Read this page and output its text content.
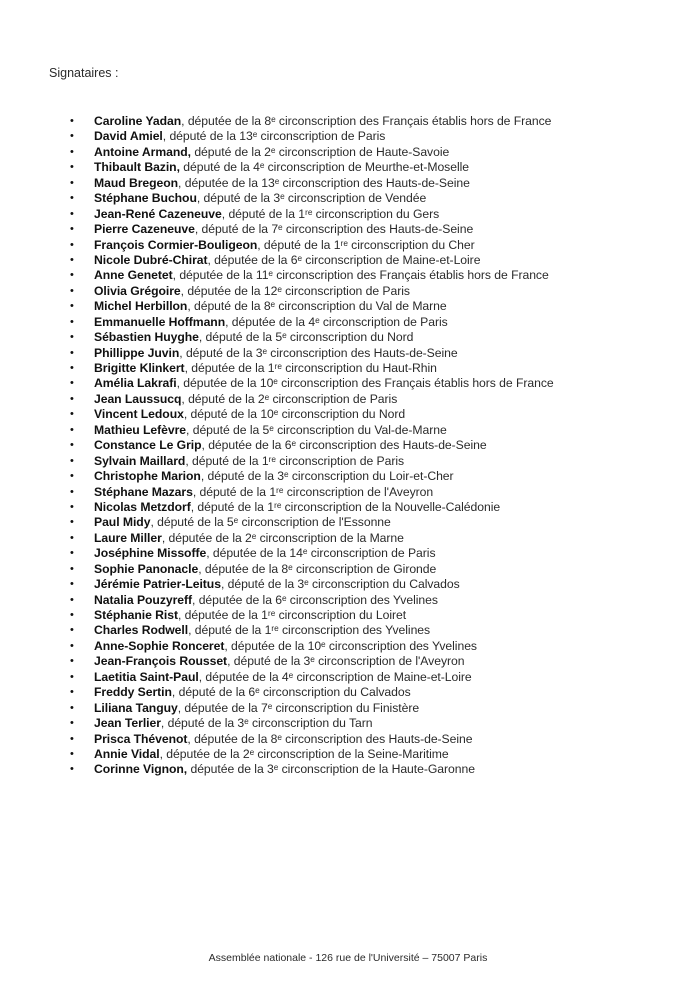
Signataires :
• Caroline Yadan, députée de la 8ᵉ circonscription des Français établis hors de France
• David Amiel, député de la 13ᵉ circonscription de Paris
• Antoine Armand, député de la 2ᵉ circonscription de Haute-Savoie
• Thibault Bazin, député de la 4ᵉ circonscription de Meurthe-et-Moselle
• Maud Bregeon, députée de la 13ᵉ circonscription des Hauts-de-Seine
• Stéphane Buchou, député de la 3ᵉ circonscription de Vendée
• Jean-René Cazeneuve, député de la 1ʳᵉ circonscription du Gers
• Pierre Cazeneuve, député de la 7ᵉ circonscription des Hauts-de-Seine
• François Cormier-Bouligeon, député de la 1ʳᵉ circonscription du Cher
• Nicole Dubré-Chirat, députée de la 6ᵉ circonscription de Maine-et-Loire
• Anne Genetet, députée de la 11ᵉ circonscription des Français établis hors de France
• Olivia Grégoire, députée de la 12ᵉ circonscription de Paris
• Michel Herbillon, député de la 8ᵉ circonscription du Val de Marne
• Emmanuelle Hoffmann, députée de la 4ᵉ circonscription de Paris
• Sébastien Huyghe, député de la 5ᵉ circonscription du Nord
• Phillippe Juvin, député de la 3ᵉ circonscription des Hauts-de-Seine
• Brigitte Klinkert, députée de la 1ʳᵉ circonscription du Haut-Rhin
• Amélia Lakrafi, députée de la 10ᵉ circonscription des Français établis hors de France
• Jean Laussucq, député de la 2ᵉ circonscription de Paris
• Vincent Ledoux, député de la 10ᵉ circonscription du Nord
• Mathieu Lefèvre, député de la 5ᵉ circonscription du Val-de-Marne
• Constance Le Grip, députée de la 6ᵉ circonscription des Hauts-de-Seine
• Sylvain Maillard, député de la 1ʳᵉ circonscription de Paris
• Christophe Marion, député de la 3ᵉ circonscription du Loir-et-Cher
• Stéphane Mazars, député de la 1ʳᵉ circonscription de l'Aveyron
• Nicolas Metzdorf, député de la 1ʳᵉ circonscription de la Nouvelle-Calédonie
• Paul Midy, député de la 5ᵉ circonscription de l'Essonne
• Laure Miller, députée de la 2ᵉ circonscription de la Marne
• Joséphine Missoffe, députée de la 14ᵉ circonscription de Paris
• Sophie Panonacle, députée de la 8ᵉ circonscription de Gironde
• Jérémie Patrier-Leitus, député de la 3ᵉ circonscription du Calvados
• Natalia Pouzyreff, députée de la 6ᵉ circonscription des Yvelines
• Stéphanie Rist, députée de la 1ʳᵉ circonscription du Loiret
• Charles Rodwell, député de la 1ʳᵉ circonscription des Yvelines
• Anne-Sophie Ronceret, députée de la 10ᵉ circonscription des Yvelines
• Jean-François Rousset, député de la 3ᵉ circonscription de l'Aveyron
• Laetitia Saint-Paul, députée de la 4ᵉ circonscription de Maine-et-Loire
• Freddy Sertin, député de la 6ᵉ circonscription du Calvados
• Liliana Tanguy, députée de la 7ᵉ circonscription du Finistère
• Jean Terlier, député de la 3ᵉ circonscription du Tarn
• Prisca Thévenot, députée de la 8ᵉ circonscription des Hauts-de-Seine
• Annie Vidal, députée de la 2ᵉ circonscription de la Seine-Maritime
• Corinne Vignon, députée de la 3ᵉ circonscription de la Haute-Garonne
Assemblée nationale - 126 rue de l'Université – 75007 Paris
